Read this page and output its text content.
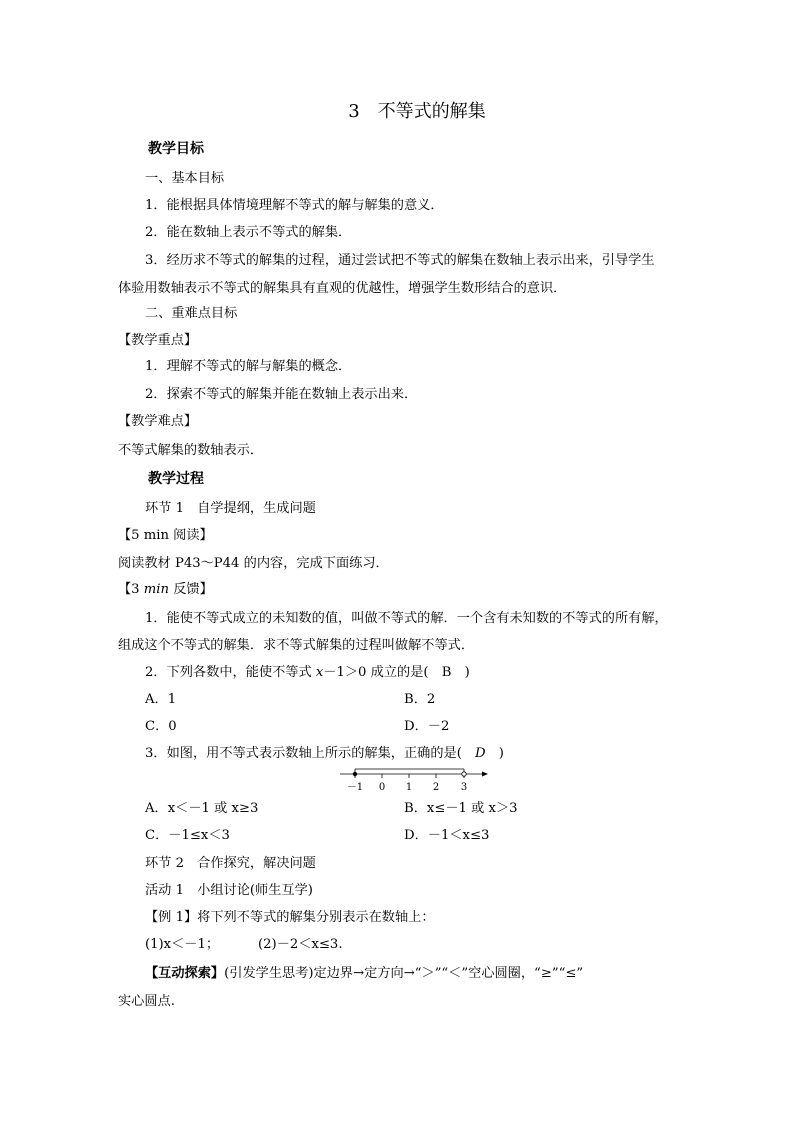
3　不等式的解集
教学目标
一、基本目标
1．能根据具体情境理解不等式的解与解集的意义．
2．能在数轴上表示不等式的解集．
3．经历求不等式的解集的过程，通过尝试把不等式的解集在数轴上表示出来，引导学生
体验用数轴表示不等式的解集具有直观的优越性，增强学生数形结合的意识．
二、重难点目标
【教学重点】
1．理解不等式的解与解集的概念．
2．探索不等式的解集并能在数轴上表示出来．
【教学难点】
不等式解集的数轴表示．
教学过程
环节 1　自学提纲，生成问题
【5 min 阅读】
阅读教材 P43～P44 的内容，完成下面练习．
【3 min 反馈】
1．能使不等式成立的未知数的值，叫做不等式的解．一个含有未知数的不等式的所有解，
组成这个不等式的解集．求不等式解集的过程叫做解不等式．
2．下列各数中，能使不等式 x－1＞0 成立的是(　B　)
A．1	B．2
C．0	D．－2
3．如图，用不等式表示数轴上所示的解集，正确的是(　D　)
－1 0 1 2 3
A．x＜－1 或 x≥3	B．x≤－1 或 x＞3
C．－1≤x＜3	D．－1＜x≤3
环节 2　合作探究，解决问题
活动 1　小组讨论(师生互学)
【例 1】将下列不等式的解集分别表示在数轴上：
(1)x＜－1；	(2)－2＜x≤3.
【互动探索】(引发学生思考)定边界→定方向→“＞”“＜”空心圆圈，“≥”“≤”
实心圆点.
